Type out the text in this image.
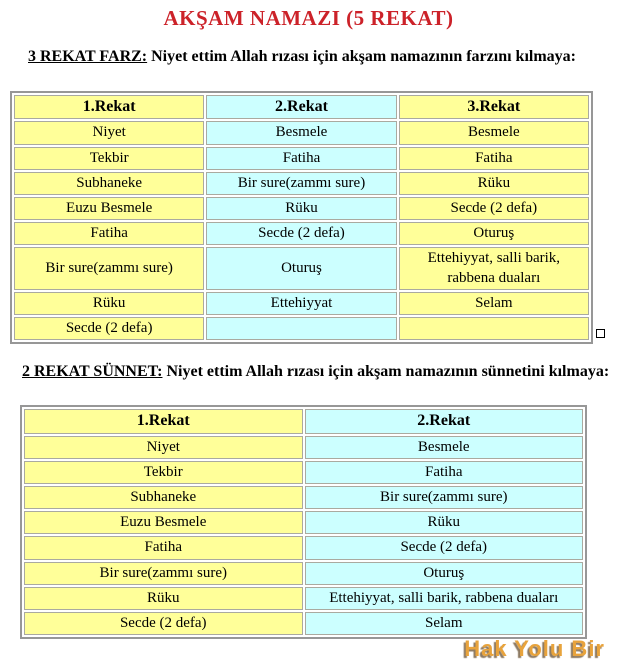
AKŞAM NAMAZI (5 REKAT)

3 REKAT FARZ: Niyet ettim Allah rızası için akşam namazının farzını kılmaya:

1.Rekat	2.Rekat	3.Rekat
Niyet	Besmele	Besmele
Tekbir	Fatiha	Fatiha
Subhaneke	Bir sure(zammı sure)	Rüku
Euzu Besmele	Rüku	Secde (2 defa)
Fatiha	Secde (2 defa)	Oturuş
Bir sure(zammı sure)	Oturuş	Ettehiyyat, salli barik, rabbena duaları
Rüku	Ettehiyyat	Selam
Secde (2 defa)		

2 REKAT SÜNNET: Niyet ettim Allah rızası için akşam namazının sünnetini kılmaya:

1.Rekat	2.Rekat
Niyet	Besmele
Tekbir	Fatiha
Subhaneke	Bir sure(zammı sure)
Euzu Besmele	Rüku
Fatiha	Secde (2 defa)
Bir sure(zammı sure)	Oturuş
Rüku	Ettehiyyat, salli barik, rabbena duaları
Secde (2 defa)	Selam
Hak Yolu Bir
